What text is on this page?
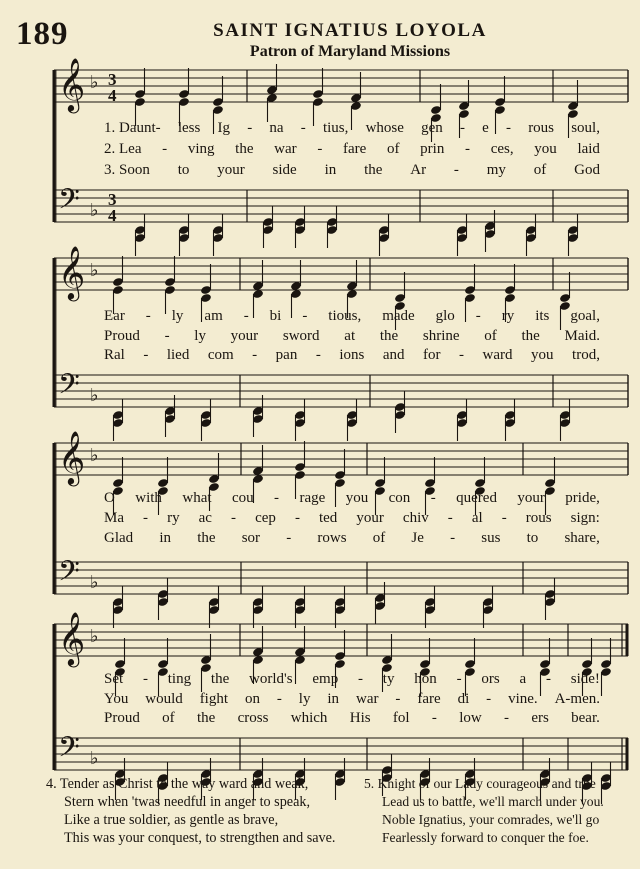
189	SAINT IGNATIUS LOYOLA
Patron of Maryland Missions
𝄞 ♭ 3
4
𝄢 ♭
3
4
𝄞 ♭
𝄢 ♭
𝄞 ♭
𝄢 ♭
𝄞 ♭
𝄢 ♭
1. Daunt- less Ig - na - tius, whose gen - e - rous soul,
2. Lea - ving the war - fare of prin - ces, you laid
3. Soon to your side in the Ar - my of God
Ear - ly am - bi - tious, made glo - ry its goal,
Proud - ly your sword at the shrine of the Maid.
Ral - lied com - pan - ions and for - ward you trod,
O with what cou - rage you con - quered your pride,
Ma - ry ac - cep - ted your chiv - al - rous sign:
Glad in the sor - rows of Je - sus to share,
Set - ting the world's emp - ty hon - ors a - side!
You would fight on - ly in war - fare di - vine. A-men.
Proud of the cross which His fol - low - ers bear.
4. Tender as Christ to the way ward and weak,
Stern when 'twas needful in anger to speak,
Like a true soldier, as gentle as brave,
This was your conquest, to strengthen and save.
5. Knight of our Lady courageous and true
Lead us to battle, we'll march under you.
Noble Ignatius, your comrades, we'll go
Fearlessly forward to conquer the foe.
